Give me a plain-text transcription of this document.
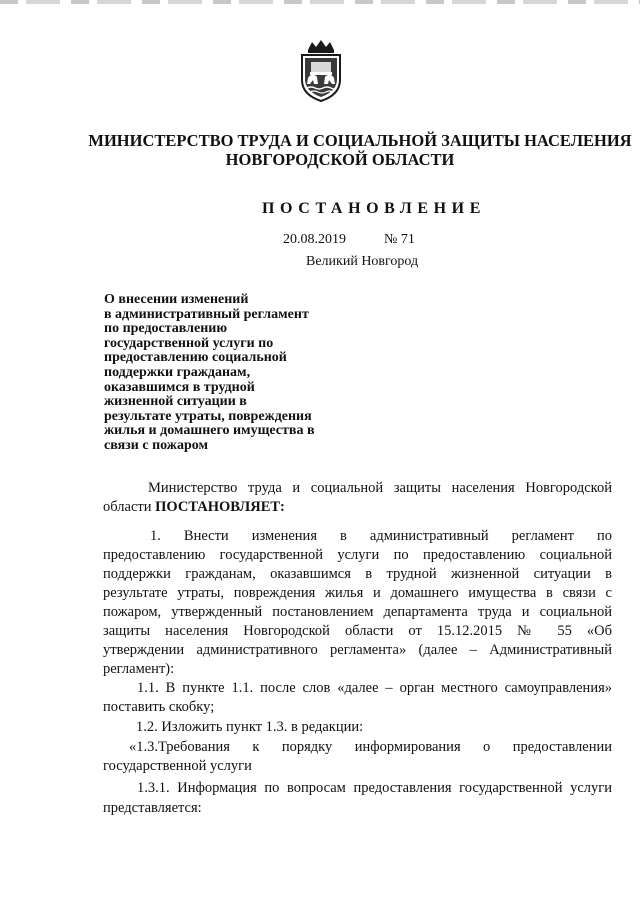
МИНИСТЕРСТВО ТРУДА И СОЦИАЛЬНОЙ ЗАЩИТЫ НАСЕЛЕНИЯ
НОВГОРОДСКОЙ ОБЛАСТИ
ПОСТАНОВЛЕНИЕ
20.08.2019	№ 71
Великий Новгород
О внесении изменений
в административный регламент
по предоставлению
государственной услуги по
предоставлению социальной
поддержки гражданам,
оказавшимся в трудной
жизненной ситуации в
результате утраты, повреждения
жилья и домашнего имущества в
связи с пожаром
Министерство труда и социальной защиты населения Новгородской
области ПОСТАНОВЛЯЕТ:
1. Внести изменения в административный регламент по
предоставлению государственной услуги по предоставлению социальной
поддержки гражданам, оказавшимся в трудной жизненной ситуации в
результате утраты, повреждения жилья и домашнего имущества в связи с
пожаром, утвержденный постановлением департамента труда и социальной
защиты населения Новгородской области от 15.12.2015 № 55 «Об
утверждении административного регламента» (далее – Административный
регламент):
1.1. В пункте 1.1. после слов «далее – орган местного самоуправления»
поставить скобку;
1.2. Изложить пункт 1.3. в редакции:
«1.3.Требования к порядку информирования о предоставлении
государственной услуги
1.3.1. Информация по вопросам предоставления государственной услуги
представляется:
